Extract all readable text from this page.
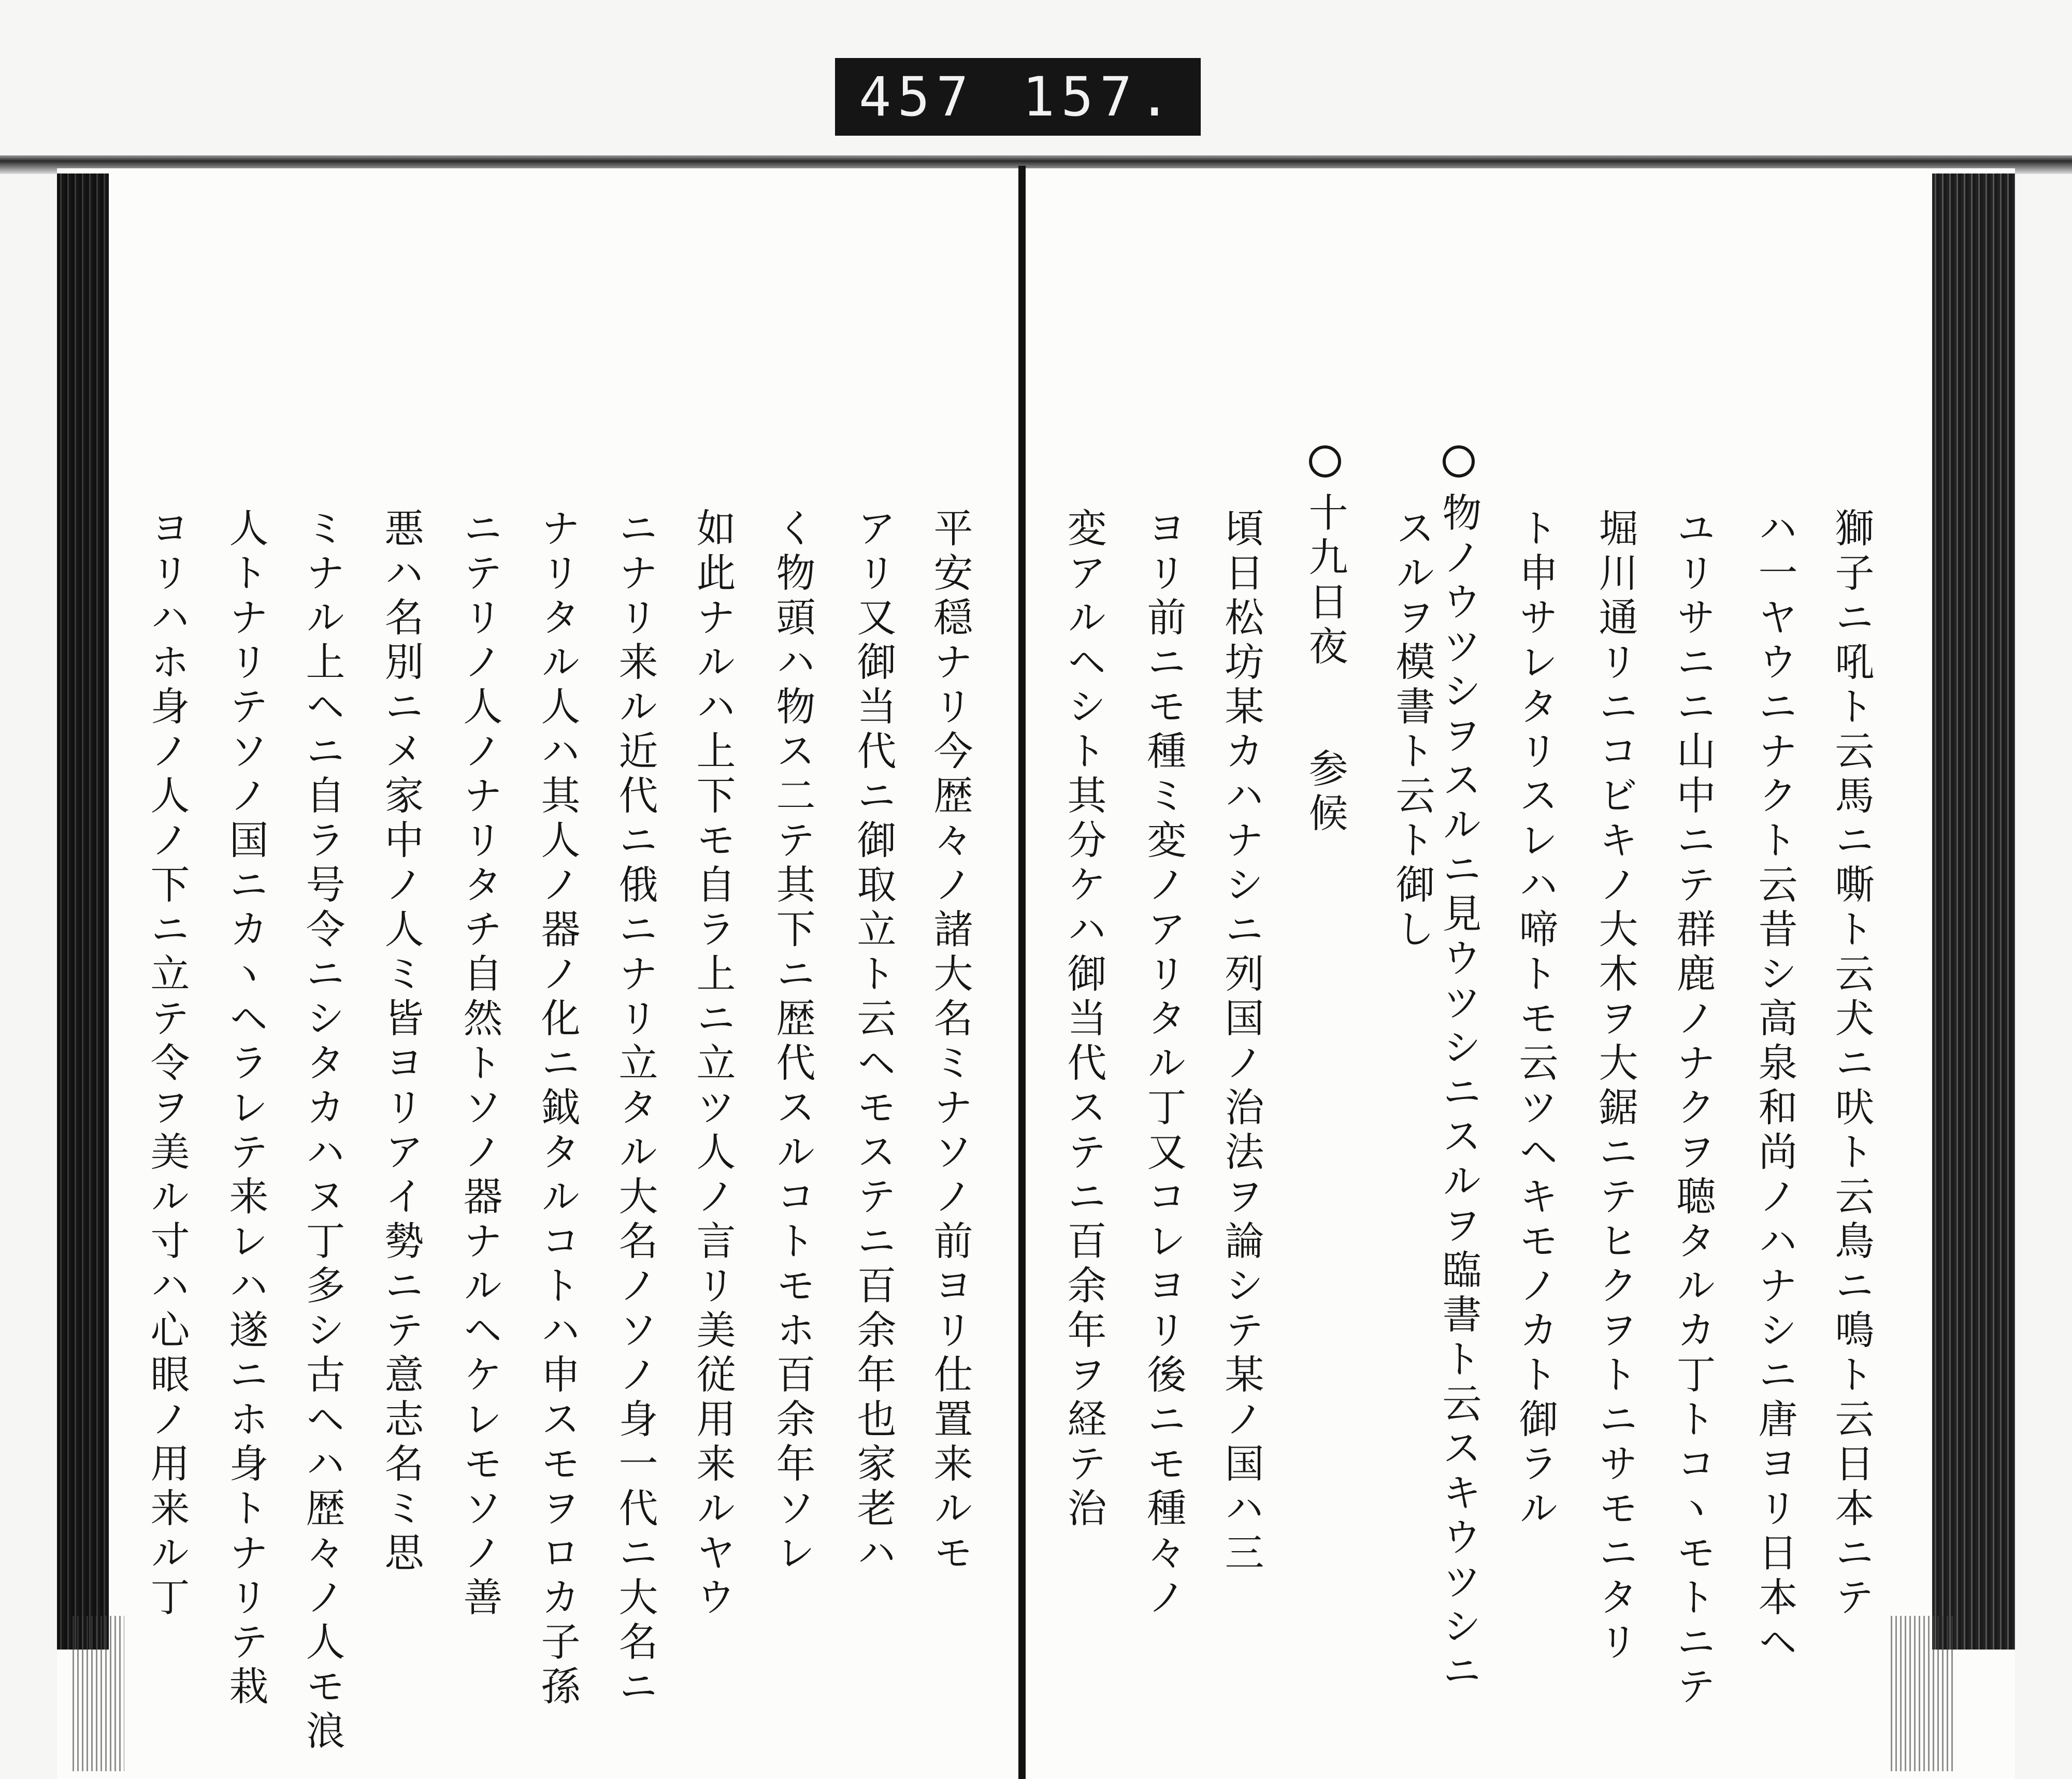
457 157.
獅子ニ吼ト云馬ニ嘶ト云犬ニ吠ト云鳥ニ鳴ト云日本ニテ
ハ一ヤウニナクト云昔シ高泉和尚ノハナシニ唐ヨリ日本ヘ
ユリサニニ山中ニテ群鹿ノナクヲ聴タルカ丁トコヽモトニテ
堀川通リニコビキノ大木ヲ大鋸ニテヒクヲトニサモニタリ
ト申サレタリスレハ啼トモ云ツヘキモノカト御ラル
物ノウツシヲスルニ見ウツシニスルヲ臨書ト云スキウツシニ
スルヲ模書ト云ト御し
十九日夜参候
頃日松坊某カハナシニ列国ノ治法ヲ論シテ某ノ国ハ三
ヨリ前ニモ種ミ変ノアリタル丁又コレヨリ後ニモ種々ノ
変アルヘシト其分ケハ御当代ステニ百余年ヲ経テ治
平安穏ナリ今歴々ノ諸大名ミナソノ前ヨリ仕置来ルモ
アリ又御当代ニ御取立ト云ヘモステニ百余年也家老ハ
く物頭ハ物ス二テ其下ニ歴代スルコトモホ百余年ソレ
如此ナルハ上下モ自ラ上ニ立ツ人ノ言リ美従用来ルヤウ
ニナリ来ル近代ニ俄ニナリ立タル大名ノソノ身一代ニ大名ニ
ナリタル人ハ其人ノ器ノ化ニ鉞タルコトハ申スモヲロカ子孫
ニテリノ人ノナリタチ自然トソノ器ナルヘケレモソノ善
悪ハ名別ニメ家中ノ人ミ皆ヨリアイ勢ニテ意志名ミ思
ミナル上ヘニ自ラ号令ニシタカハヌ丁多シ古ヘハ歴々ノ人モ浪
人トナリテソノ国ニカヽヘラレテ来レハ遂ニホ身トナリテ栽
ヨリハホ身ノ人ノ下ニ立テ令ヲ美ル寸ハ心眼ノ用来ル丁
